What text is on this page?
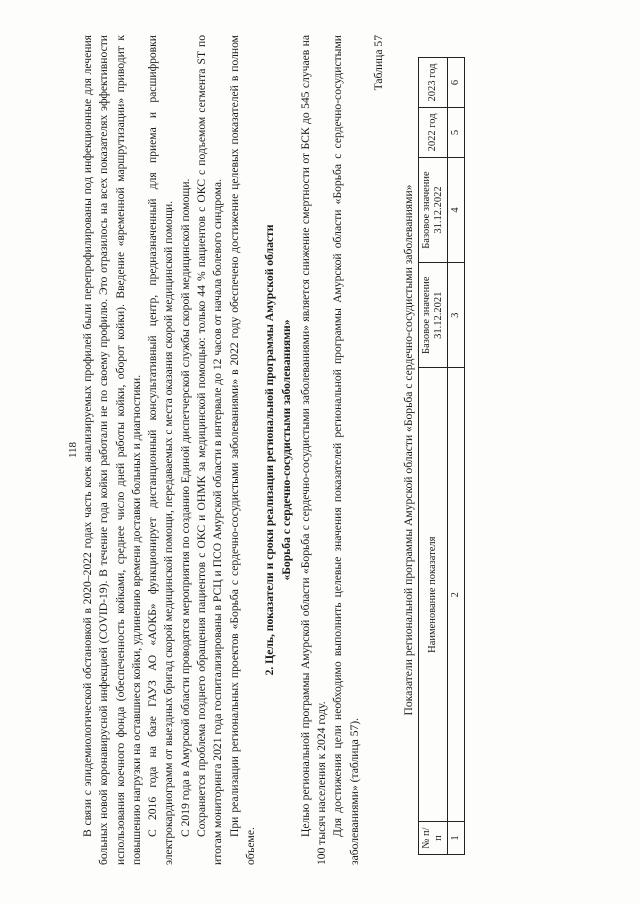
118 В связи с эпидемиологической обстановкой в 2020–2022 годах часть коек анализируемых профилей были перепрофилированы под инфекционные для лечения больных новой коронавирусной инфекцией (COVID-19). В течение года койки работали не по своему профилю. Это отразилось на всех показателях эффективности использования коечного фонда (обеспеченность койками, среднее число дней работы койки, оборот койки). Введение «временной маршрутизации» приводит к повышению нагрузки на оставшиеся койки, удлинению времени доставки больных и диагностики. С 2016 года на базе ГАУЗ АО «АОКБ» функционирует дистанционный консультативный центр, предназначенный для приема и расшифровки электрокардиограмм от выездных бригад скорой медицинской помощи, передаваемых с места оказания скорой медицинской помощи. С 2019 года в Амурской области проводятся мероприятия по созданию Единой диспетчерской службы скорой медицинской помощи. Сохраняется проблема позднего обращения пациентов с ОКС и ОНМК за медицинской помощью: только 44 % пациентов с ОКС с подъемом сегмента ST по итогам мониторинга 2021 года госпитализированы в РСЦ и ПСО Амурской области в интервале до 12 часов от начала болевого синдрома. При реализации региональных проектов «Борьба с сердечно-сосудистыми заболеваниями» в 2022 году обеспечено достижение целевых показателей в полном объеме.

2. Цель, показатели и сроки реализации региональной программы Амурской области «Борьба с сердечно-сосудистыми заболеваниями» Целью региональной программы Амурской области «Борьба с сердечно-сосудистыми заболеваниями» является снижение смертности от БСК до 545 случаев на 100 тысяч населения к 2024 году. Для достижения цели необходимо выполнить целевые значения показателей региональной программы Амурской области «Борьба с сердечно-сосудистыми заболеваниями» (таблица 57).

Таблица 57

Показатели региональной программы Амурской области «Борьба с сердечно-сосудистыми заболеваниями»

№ п/п	Наименование показателя	Базовое значение 31.12.2021	Базовое значение 31.12.2022	2022 год	2023 год
1	2	3	4	5	6
